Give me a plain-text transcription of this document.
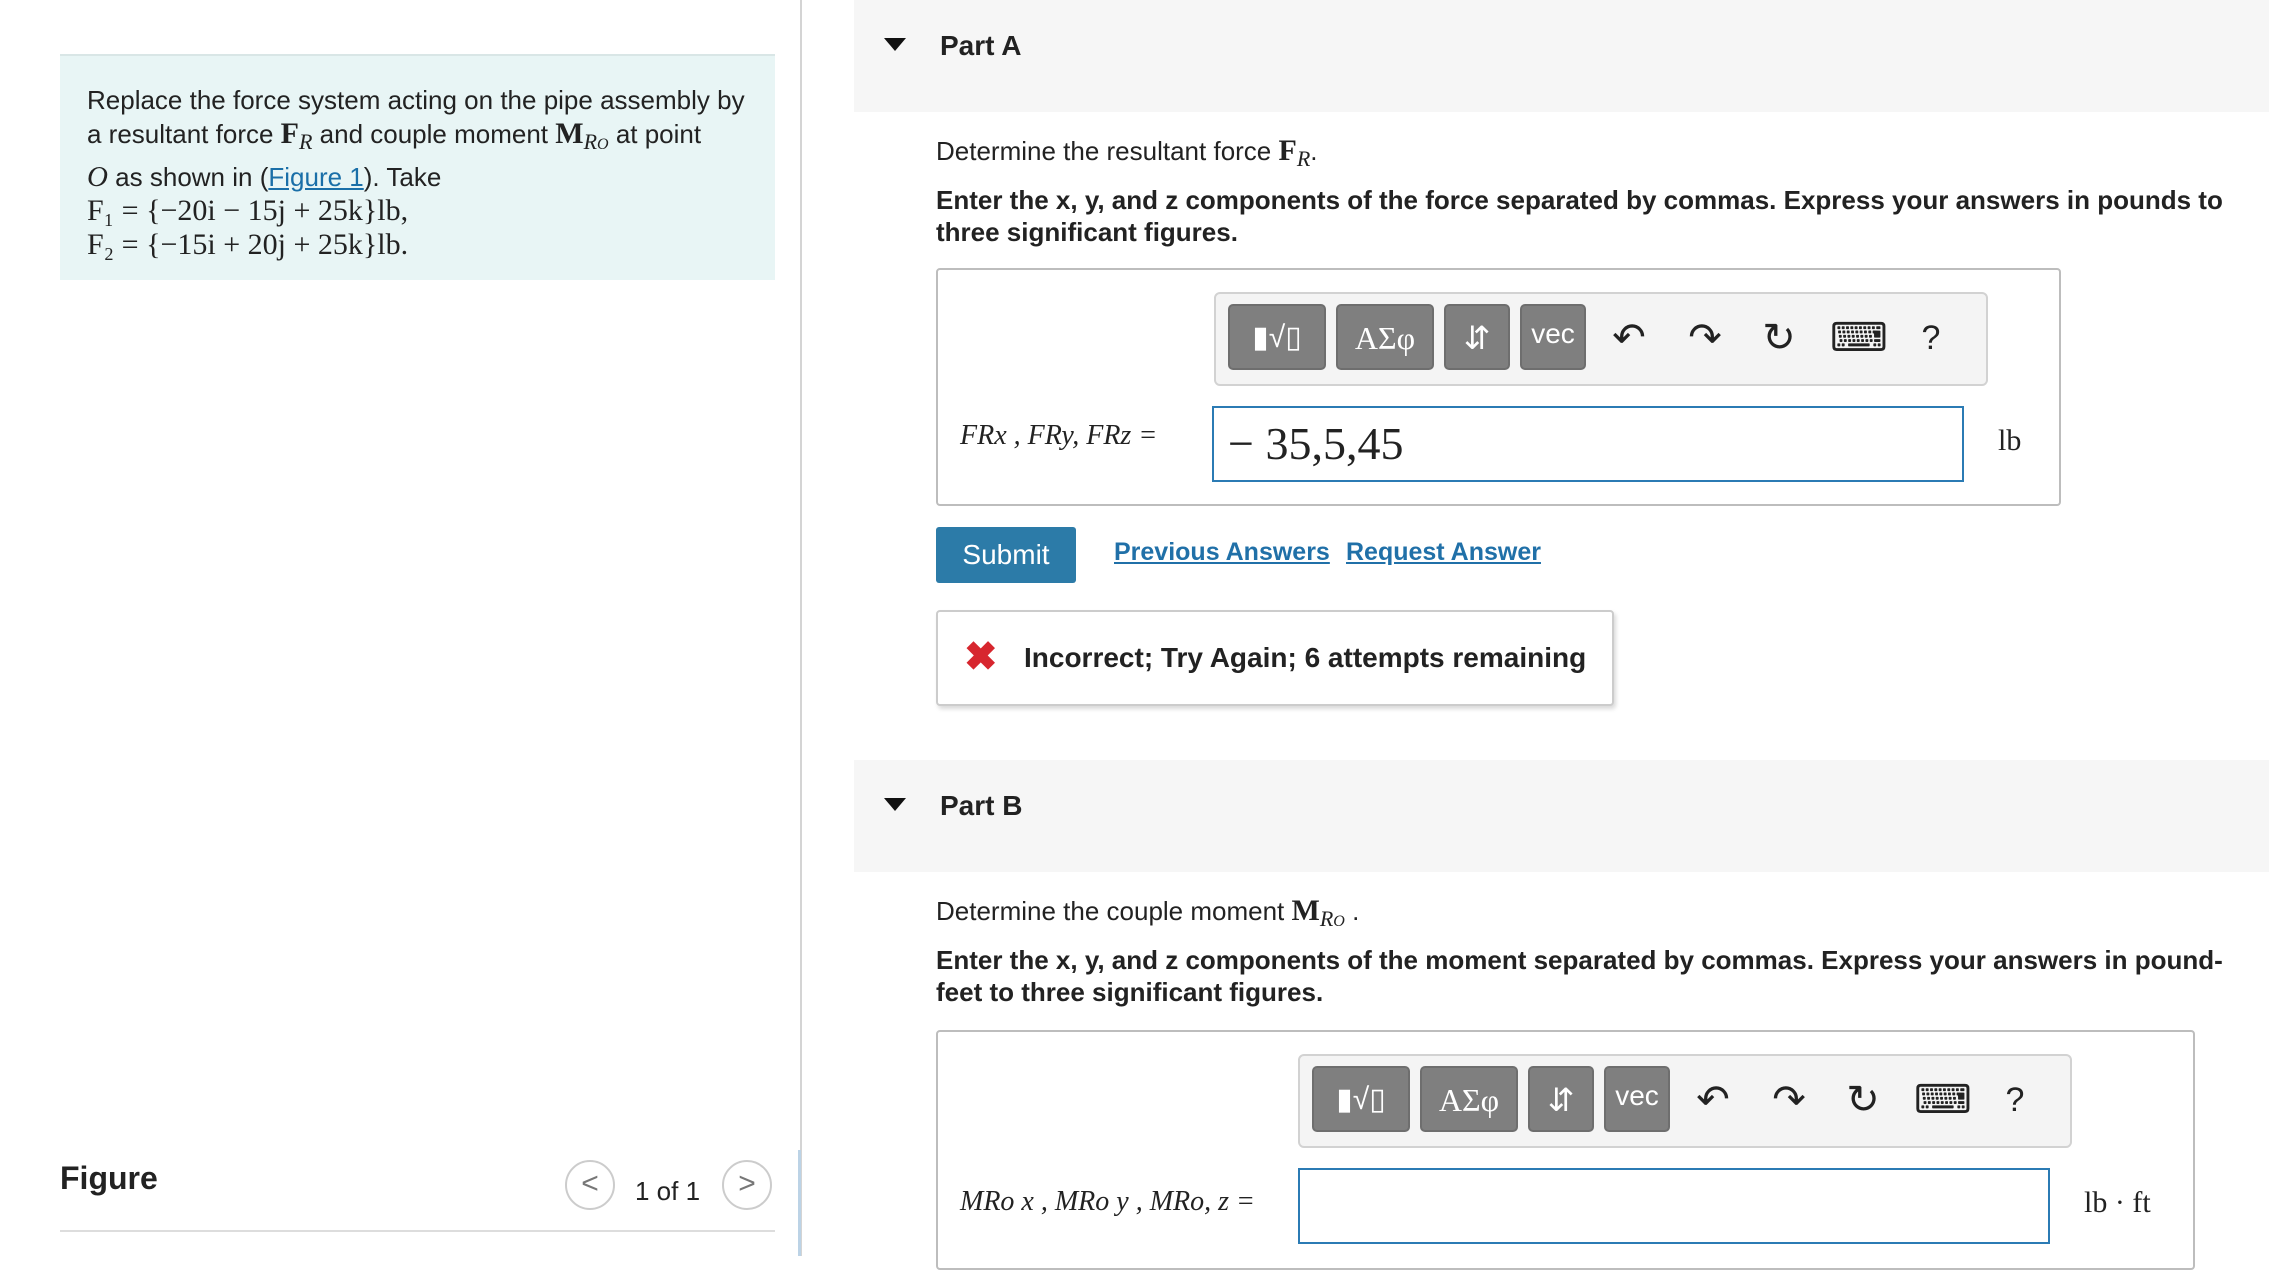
Replace the force system acting on the pipe assembly by a resultant force $F_R$ and couple moment $M_{RO}$ at point
O as shown in (Figure 1). Take
F₁ = {−20i − 15j + 25k}lb,
F₂ = {−15i + 20j + 25k}lb.
Figure	<	1 of 1	>
Part A
Determine the resultant force $F_R$.
Enter the x, y, and z components of the force separated by commas. Express your answers in pounds to three significant figures.
▮√▯	ΑΣφ	⇵	vec ↶ ↷ ↻ ⌨ ?
FRx , FRy, FRz =	− 35,5,45	lb
Submit	Previous Answers Request Answer
✖ Incorrect; Try Again; 6 attempts remaining
Part B
Determine the couple moment $M_{RO}$ .
Enter the x, y, and z components of the moment separated by commas. Express your answers in pound-feet to three significant figures.
▮√▯	ΑΣφ	⇵	vec ↶ ↷ ↻ ⌨ ?
MRo x , MRo y , MRo, z =	lb · ft
